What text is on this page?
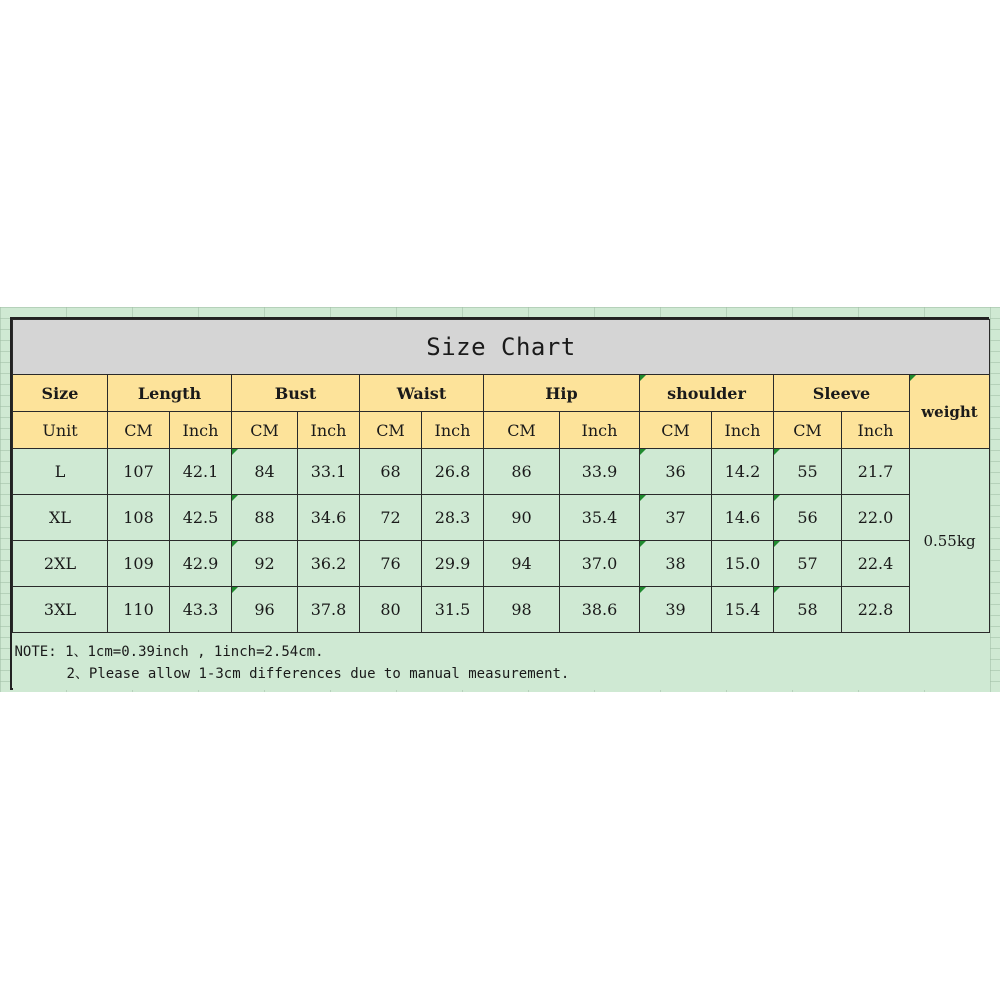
Size Chart													
Size	Length		Bust		Waist		Hip		shoulder		Sleeve		weight
Unit	CM	Inch	CM	Inch	CM	Inch	CM	Inch	CM	Inch	CM	Inch	
L	107	42.1	84	33.1	68	26.8	86	33.9	36	14.2	55	21.7	0.55kg
XL	108	42.5	88	34.6	72	28.3	90	35.4	37	14.6	56	22.0	
2XL	109	42.9	92	36.2	76	29.9	94	37.0	38	15.0	57	22.4	
3XL	110	43.3	96	37.8	80	31.5	98	38.6	39	15.4	58	22.8	

NOTE: 1、1cm=0.39inch , 1inch=2.54cm.
2、Please allow 1-3cm differences due to manual measurement.													
